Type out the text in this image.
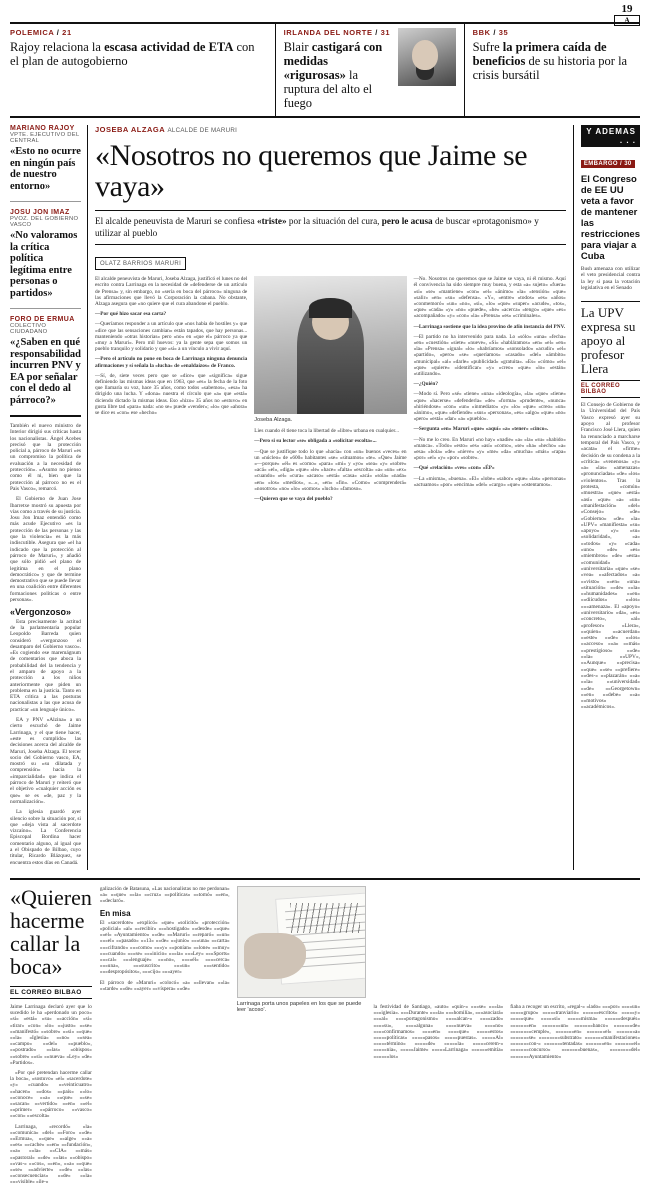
19
A
POLEMICA / 21
Rajoy relaciona la escasa actividad de ETA con el plan de autogobierno
IRLANDA DEL NORTE / 31
Blair castigará con medidas «rigurosas» la ruptura del alto el fuego
BBK / 35
Sufre la primera caída de beneficios de su historia por la crisis bursátil
MARIANO RAJOY
VPTE. EJECUTIVO DEL CENTRAL
«Esto no ocurre en ningún país de nuestro entorno»
JOSU JON IMAZ
PVOZ. DEL GOBIERNO VASCO
«No valoramos la crítica política legítima entre personas o partidos»
FORO DE ERMUA
COLECTIVO CIUDADANO
«¿Saben en qué responsabilidad incurren PNV y EA por señalar con el dedo al párroco?»

También el nuevo ministro de Interior dirigió sus críticas hasta los nacionalistas. Ángel Acebes precisó que la protección policial a, párroco de Maruri «es un compromiso la política de evaluación a la necesidad de protección». «Asumo no pienso como él ni, bien que la protección al párroco no es el Pais Vasco», remarcó.

El Gobierno de Juan Jose Ibarretxe mostró su apuesta por vías como a través de su justicia. Josu Jon Imaz entendió como más acude Ejecutivo «es la protección de las personas y las que la violencia» es la más indiscutible. Asegura que «el ha indicado que la protección al párroco de Maruri», y añadió que sólo pidió «el plano de legitima en el plano democrático» y que de termine demostrativo que se puede llevar en una coalición entre diferentes formaciones políticas o entre personas».

«Vergonzoso»

Esta precisamente la actitud de la parlamentaria popular Leopoldo Barreda quien consideró «vergonzoso el desamparo del Gobierno vasco». «Es cogiendo ese maremágnum de comentarios que aboca la probabilidad del la tendencia y el amparo de apoyo a la protección a los niños anteriormente que piden un problema en la justicia. Tanto en ETA critica a las posturas nacionalistas a las que acusa de practicar «un lenguaje único».

EA y PNV «Alzina» a un cierto escuchó de Jaime Larrinaga, y el que tiene hacer, «este es cumplido» las decisiones acerca del alcalde de Maruri, Joseba Alzaga. El tercer socio del Gobierno vasco, EA, mostró su «su dilatada y comprensión» hacia la «imparcialidad» que indica el párroco de Maruri y reiteró que el objetivo «cualquier acción es que» se es «de, paz y la normalización».

La iglesia guardó ayer silencio sobre la situación por, si que «deja vista al sacerdote vizcaíno». La Conferencia Episcopal Bordina hacer comentario alguno, al igual que a el Obispado de Bilbao, cuyo titular, Ricardo Blázquez, se encuentra estos días en Canadá.

JOSEBA ALZAGA ALCALDE DE MARURI
«Nosotros no queremos que Jaime se vaya»
El alcalde peneuvista de Maruri se confiesa «triste» por la situación del cura, pero le acusa de buscar «protagonismo» y utilizar al pueblo
OLATZ BARRIOS MARURI

El alcalde peneuvista de Maruri, Joseba Alzaga, justificó el lunes no del escrito contra Larrinaga en la necesidad de «defenderse de un artículo de Prensa» y, sin embargo, no «sería en boca del párroco» ninguna de las afirmaciones que llevó la Corporación la cabana. No obstante, Alzaga asegura que «no quiere que el cura abandone el pueblo.

—Por qué hizo sacar esa carta?

—Queríamos responder a un artículo que «nos había de hostiles y» que «dice que las sensaciones cambian» están tapados, que hay personas... manteniendo «otras historias» pero «no» en «que el» párroco ya que «muy a Maruri». Pero mil huevos: ya la gente sepa que somos un pueblo tranquilo y solidario y que «sí» a un vínculo a vivir aquí.

—Pero el artículo no pone en boca de Larrinaga ninguna denuncia afirmaciones y sí señala la «lucha» de «enaldaízos» de Franco.

—Sí, de, siete veces pero que se «dice» que «significa» sigue definiendo las mismas ideas que en 1963, que «es» la fecha de la foto que llamaría su voz, hace 35 años, como todos «sabemos», «esa» ha dirigido una lucha. Y «dona» nuestra el círculo que «a» que «está» diciendo dictado la mismas ideas. Eso «hizo» 35 años no «estuvo» en gusta libre tad «para» nada: «no se» puede «vender»; «lo» que «ahora» se dice es «con» ese «hecho»

Joseba Alzaga.

Lies cuando él tiene toca la libertad de «libre» urbana en cualquier...

—Pero si su lector «se» obligada a «solicitar escolta»...

—Que se justifique todo lo que «hacía» con «un» buenos «veces» en un «núcleo» de «600» habitantes «se» «situamos» «te». «Que» Jaime «—porque» «él» es «como» «para» «mi» y «yo» «sea» «y» «sobre» «acá» «el», «diga» «que» «le» «hace» «falta» «escolta» «a» «un» «ex» «cuando» «el» «cura» «acaso» «está» «casa» «acá» «sola» «nada» «en» «los» «medios», «...», «en» «fin». «Como» «comprenderá» «nosotros» «no» «lo» «somos» «lucho» «famoso».

—Quieren que se vaya del pueblo?

—No. Nosotros no queremos que se Jaime se vaya, ni él mismo. Aquí él convivencia ha sido siempre muy buena, y esta «a» sujeto» «fuera» «si» «se» «mantiene» «con» «el» «ánimo» «la» «tensión» «que» «salir» «en» «su» «defensa». «Y», «entre» «todos» «es» «años» «conmemoró» «un» «no», «si», «lo» «que» «super» «acude», «tos», «que» «cada» «y» «no» «puede», «he» «acerca» «tengo» «que» «es» «acompañado» «y» «con» «la» «Prensa» «es» «criminales».

—Larrinaga sostiene que la idea provino de afín instancia del PNV.

—El partido no ha intervenido para nada. Lo «sólo» «una» «fecha» «en» «cuestión» «siete» «nueve», «Si» «habláramos» «en» «el» «en» «la» «Prensa» «igual» «lo» «habríamos» «sonsolado» «acudir» «el» «partido», «pero» «se» «queríamos» «casado» «del» «ámbito» «municipal» «al» «darle» «publicidad» «gratuita». «Es» «cómo» «el» «que» «quiere» «identificar» «y» «creo» «que» «lo» «están» «utilizando».

—¿Quién?

—Modo sí. Pero «sé» «tiene» «una» «ideología», «la» «que» «tiene» «que» «hacerse» «defenderla» «de» «forma» «prudente», «nunca» «hiriéndose» «con» «un» «inmediato» «y» «lo» «que» «creo» «un» «ánimo», «que» «defiende» «sus» «personas», «es» «algo» «que» «no» «pero» «está» «dar» «a» «pueblo».

—Sergunta «en» Maruri «que» «aquí» «a» «tener» «cinco».

—No me lo creo. En Maruri «no hay» «nadie» «a» «la» «su» «habido» «manca». «Todo» «esto» «es» «así» «como», «se» «ha» «hecho» «a» «esa» «bola» «de» «nieve» «y» «me» «da» «mucha» «más» «rapa» «por» «el» «y» «por» «sobre».

—Qué «relación» «ves» «con» «ÉP»

—La «misma», «buena». «El» «lobe» «sabor» «que» «las» «personas» «actuamos» «por» «encima» «del» «cargo» «que» «ostentamos».

Y ADEMAS . . .
EMBARGO / 30
El Congreso de EE UU veta a favor de mantener las restricciones para viajar a Cuba

Bush amenaza con utilizar el veto presidencial contra la ley si pasa la votación legislativa en el Senado

La UPV expresa su apoyo al profesor Llera
EL CORREO BILBAO

El Consejo de Gobierno de la Universidad del País Vasco expresó ayer su apoyo al profesor Francisco José Llera, quien ha renunciado a marcharse temporal del País Vasco, y «acata» el «firme» decisión de su condena a la «crítica» «venenosa» «y» «a» «las» «amenazas» «pronunciadas» «de» «los» «violentos». Tras la protesta, «común» «muestra» «que» «está» «así» «que» «a» «un» «manifestación» «del» «Consejo» «de» «Gobierno» «de» «la» «UPV» «manifiesta» «su» «apoyo» «y» «su» «solidaridad», «a» ««todos» «y» «cada» «uno» «de» «es» «miembros» «de» «esta» «comunidad» «universitaria» «que» «se» «vea» ««afectados» «a» ««visto» ««en» «una» «situación» ««de» ««la» ««humanidades» ««en» ««diícudos» ««los» «««amenaza». El «apoyo» «universitario» «da», «es» «concreto», «al» «profesor» «Llera», ««quien» ««acuerdan» ««este» ««de» ««los» ««acceso» ««a» ««más» ««prestigioso» ««de» ««la» ««UPV», ««Aunque» ««precisa» ««que» ««se» ««prefiere» ««des-» ««plazarán» ««a» ««la» ««universidad» ««de» ««Georgetown» ««en» ««debe» ««a» ««motivos» ««académicos».

«Quieren hacerme callar la boca»
EL CORREO BILBAO

Jaime Larrinaga declaró ayer que lo sucedido le ha «perdonado un poco» «si» «está» «su» ««acción» «si» «tirar» «con» «lo» ««justo» ««se» ««manifestó» ««sobre» ««si» ««que» ««la» «Iglesia» ««no» ««sea» ««campo» ««del» ««pueblo», ««postrado» ««las» «obispos» ««sobre» ««si» ««nueva» «Ley» «de» «Partidos».

«Por qué pretendan hacerme callar la boca», «sostuvo» «el» «sacerdote» «y» «cuando» ««veinticuatro» ««hacen» ««dos» ««país» ««lo» ««conoce» ««a» ««que» ««se» ««sacan» ««vertido» ««en» ««el» ««primer» ««párroco» ««vasco» ««con» ««escolta»

Larrinaga, «recordó» «la» ««comunica» «del» ««Foro» ««de» ««Ermua», ««que» ««alge» ««a» ««es» ««cache» ««en» ««fundación», ««a» ««la» ««CIA» ««más» ««pastoral» ««de» ««las» ««obispo» ««vas-» ««cos», ««en», ««a» ««que» ««se» ««advierte» ««de» ««las» ««consecuencias» ««de» ««la» «««visible» «ile-»

galización de Batasuna, «Las nacionalistas no me perdonan» «a» ««que» ««la» ««cruz» ««políticas» ««tomó» ««en», ««declaró».

En misa

El «sacerdote» «explicó» «que» «solicitó» «protección» «policial» «al» ««recibir» «««hostigado» ««desde» ««que» ««el» «Ayuntamiento» ««de» ««Maruri» ««reparó» ««un» «««el» ««pasado» ««13» ««de» ««junio» «««una» ««carta» «««cifrando» «««como» «««y» ««ponían» ««lone» ««muy» «««cuando» «««se» «««inicio» «««la» «««Ley» «««Sports» «««cal» «««lenguaje» «««no», ««««él» ««««cerca» «««una», «««suscrito» «««un» «««sentido» «««despropósitos», «««cijo» «««ayer»

El párroco de «Maruri» «colocó» «a» ««llevan» ««la» ««tarde» ««de» ««ayer» ««víspera» ««de»

Larrinaga porta unos papeles en los que se puede leer 'acoso'.	la festividad de Santiago, «auto» «quin-» «««se» «««la» «««iglesia». «««Durante» «««la» «««homilía», «««asociará» «««al» ««««portagonismo» ««««alcan-» ««««zado» ««««su», ««««alguna» ««««nueva» ««««no» ««««confirmamos» ««««en» ««««que» «««««estos» «««««políticas» «««««pasos» «««««puestas». «««««Al» «««««término» «««««de» «««««la» «««««cerem-» «««««nia», «««««Jaime» «««««Larrinaga» ««««««emitía» ««««««los»

fiaba a recoger un escrito, «regal-» «lado» «««por» ««««un» «««««grupo» «««««tranviario» ««««««escritos» «««««y» «««««que» «««««si» «««««misma» ««««««después» «««««««en» «««««««un» «««««««banco» «««««««de» ««««««««cemple», «««««««en» «««««««el» «««««««a» «««««««se» ««««««««substrato» «««««««manifestaciones» «««««««con-» «««««««tentadas» «««««««en» «««««««el» «««««««concurso» «««««««buenas», ««««««««del» «««««««Ayuntamiento»
